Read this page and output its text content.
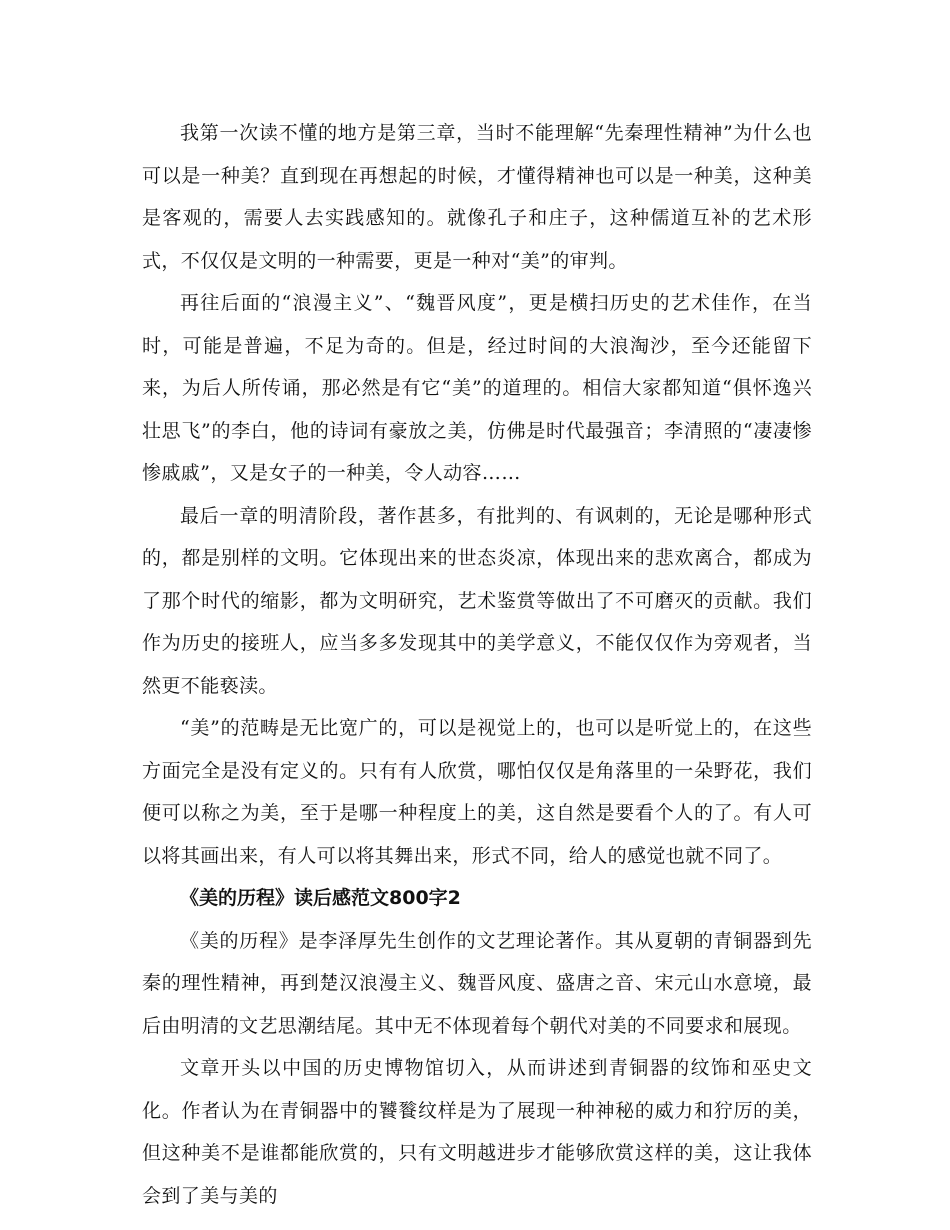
我第一次读不懂的地方是第三章，当时不能理解“先秦理性精神”为什么也可以是一种美？直到现在再想起的时候，才懂得精神也可以是一种美，这种美是客观的，需要人去实践感知的。就像孔子和庄子，这种儒道互补的艺术形式，不仅仅是文明的一种需要，更是一种对“美”的审判。

再往后面的“浪漫主义”、“魏晋风度”，更是横扫历史的艺术佳作，在当时，可能是普遍，不足为奇的。但是，经过时间的大浪淘沙，至今还能留下来，为后人所传诵，那必然是有它“美”的道理的。相信大家都知道“俱怀逸兴壮思飞”的李白，他的诗词有豪放之美，仿佛是时代最强音；李清照的“凄凄惨惨戚戚”，又是女子的一种美，令人动容……

最后一章的明清阶段，著作甚多，有批判的、有讽刺的，无论是哪种形式的，都是别样的文明。它体现出来的世态炎凉，体现出来的悲欢离合，都成为了那个时代的缩影，都为文明研究，艺术鉴赏等做出了不可磨灭的贡献。我们作为历史的接班人，应当多多发现其中的美学意义，不能仅仅作为旁观者，当然更不能亵渎。

“美”的范畴是无比宽广的，可以是视觉上的，也可以是听觉上的，在这些方面完全是没有定义的。只有有人欣赏，哪怕仅仅是角落里的一朵野花，我们便可以称之为美，至于是哪一种程度上的美，这自然是要看个人的了。有人可以将其画出来，有人可以将其舞出来，形式不同，给人的感觉也就不同了。

《美的历程》读后感范文800字2

《美的历程》是李泽厚先生创作的文艺理论著作。其从夏朝的青铜器到先秦的理性精神，再到楚汉浪漫主义、魏晋风度、盛唐之音、宋元山水意境，最后由明清的文艺思潮结尾。其中无不体现着每个朝代对美的不同要求和展现。

文章开头以中国的历史博物馆切入，从而讲述到青铜器的纹饰和巫史文化。作者认为在青铜器中的饕餮纹样是为了展现一种神秘的威力和狞厉的美，但这种美不是谁都能欣赏的，只有文明越进步才能够欣赏这样的美，这让我体会到了美与美的
